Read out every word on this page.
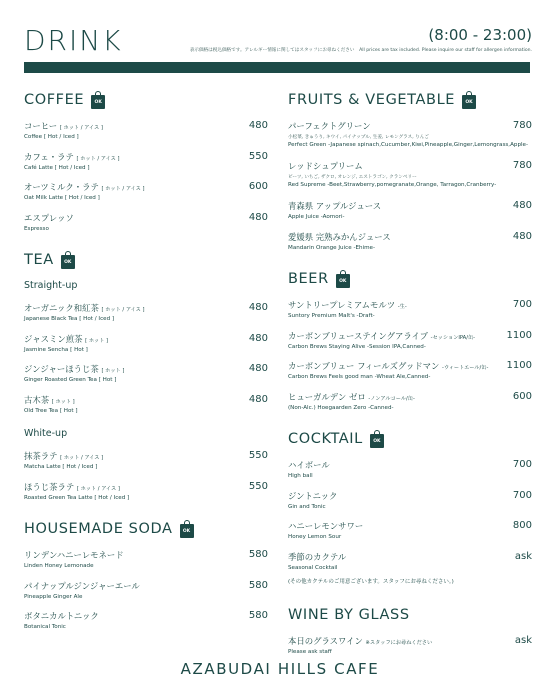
DRINK	(8:00 - 23:00)
表示価格は税込価格です。アレルギー情報に関してはスタッフにお尋ねください　All prices are tax included. Please inquire our staff for allergen information.
COFFEE	OK
コーヒー [ ホット / アイス ]
Coffee [ Hot / Iced ]
480
カフェ・ラテ [ ホット / アイス ]
Café Latte [ Hot / Iced ]
550
オーツミルク・ラテ [ ホット / アイス ]
Oat Milk Latte [ Hot / Iced ]
600
エスプレッソ
Espresso
480
TEA	OK
Straight-up
オーガニック和紅茶 [ ホット / アイス ]
Japanese Black Tea [ Hot / Iced ]
480
ジャスミン煎茶 [ ホット ]
Jasmine Sencha [ Hot ]
480
ジンジャーほうじ茶 [ ホット ]
Ginger Roasted Green Tea [ Hot ]
480
古木茶 [ ホット ]
Old Tree Tea [ Hot ]
480
White-up
抹茶ラテ [ ホット / アイス ]
Matcha Latte [ Hot / Iced ]
550
ほうじ茶ラテ [ ホット / アイス ]
Roasted Green Tea Latte [ Hot / Iced ]
550
HOUSEMADE SODA	OK
リンデンハニーレモネード
Linden Honey Lemonade
580
パイナップルジンジャーエール
Pineapple Ginger Ale
580
ボタニカルトニック
Botanical Tonic
580
FRUITS & VEGETABLE	OK
パーフェクトグリーン
小松菜, きゅうり, キウイ, パイナップル, 生姜, レモングラス, りんご
Perfect Green -Japanese spinach,Cucumber,Kiwi,Pineapple,Ginger,Lemongrass,Apple-
780
レッドシュプリーム
ビーツ, いちご, ザクロ, オレンジ, エストラゴン, クランベリー
Red Supreme -Beet,Strawberry,pomegranate,Orange, Tarragon,Cranberry-
780
青森県 アップルジュース
Apple Juice -Aomori-
480
愛媛県 完熟みかんジュース
Mandarin Orange Juice -Ehime-
480
BEER	OK
サントリープレミアムモルツ -生-
Suntory Premium Malt's -Draft-
700
カーボンブリューステイングアライブ -セッションIPA/缶-
Carbon Brews Staying Alive -Session IPA,Canned-
1100
カーボンブリュー フィールズグッドマン -ウィートエール/缶-
Carbon Brews Feels good man -Wheat Ale,Canned-
1100
ヒューガルデン ゼロ -ノンアルコール/缶-
(Non-Alc.) Hoegaarden Zero -Canned-
600
COCKTAIL	OK
ハイボール
High ball
700
ジントニック
Gin and Tonic
700
ハニーレモンサワー
Honey Lemon Sour
800
季節のカクテル
Seasonal Cocktail
ask
(その他カクテルのご用意ございます。スタッフにお尋ねください。)
WINE BY GLASS
本日のグラスワイン ※スタッフにお尋ねください
Please ask staff
ask
AZABUDAI HILLS CAFE
